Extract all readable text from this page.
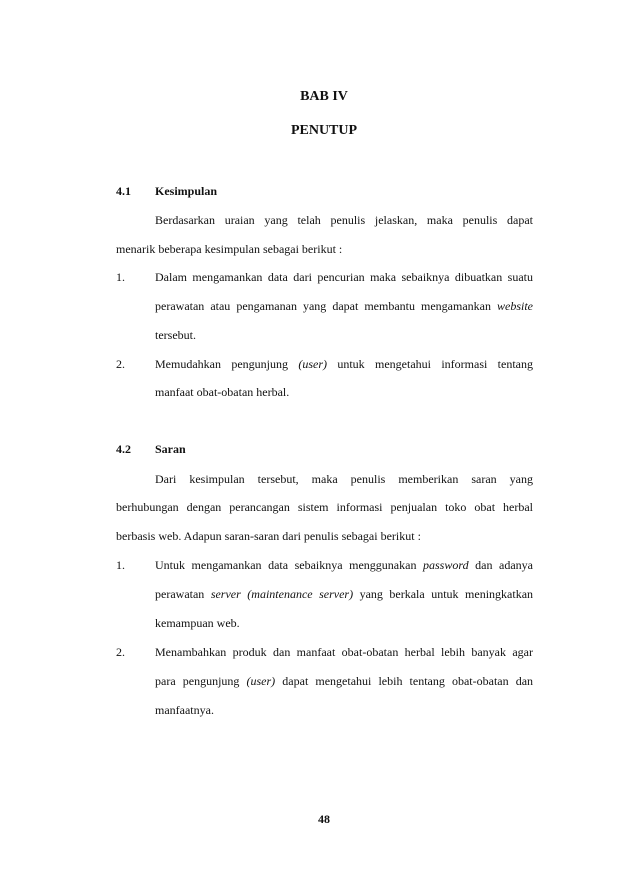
BAB IV
PENUTUP
4.1 Kesimpulan
Berdasarkan uraian yang telah penulis jelaskan, maka penulis dapat
menarik beberapa kesimpulan sebagai berikut :
1.	Dalam mengamankan data dari pencurian maka sebaiknya dibuatkan suatu
perawatan atau pengamanan yang dapat membantu mengamankan website
tersebut.
2.	Memudahkan pengunjung (user) untuk mengetahui informasi tentang
manfaat obat-obatan herbal.
4.2 Saran
Dari kesimpulan tersebut, maka penulis memberikan saran yang
berhubungan dengan perancangan sistem informasi penjualan toko obat herbal
berbasis web. Adapun saran-saran dari penulis sebagai berikut :
1.	Untuk mengamankan data sebaiknya menggunakan password dan adanya
perawatan server (maintenance server) yang berkala untuk meningkatkan
kemampuan web.
2.	Menambahkan produk dan manfaat obat-obatan herbal lebih banyak agar
para pengunjung (user) dapat mengetahui lebih tentang obat-obatan dan
manfaatnya.
48
